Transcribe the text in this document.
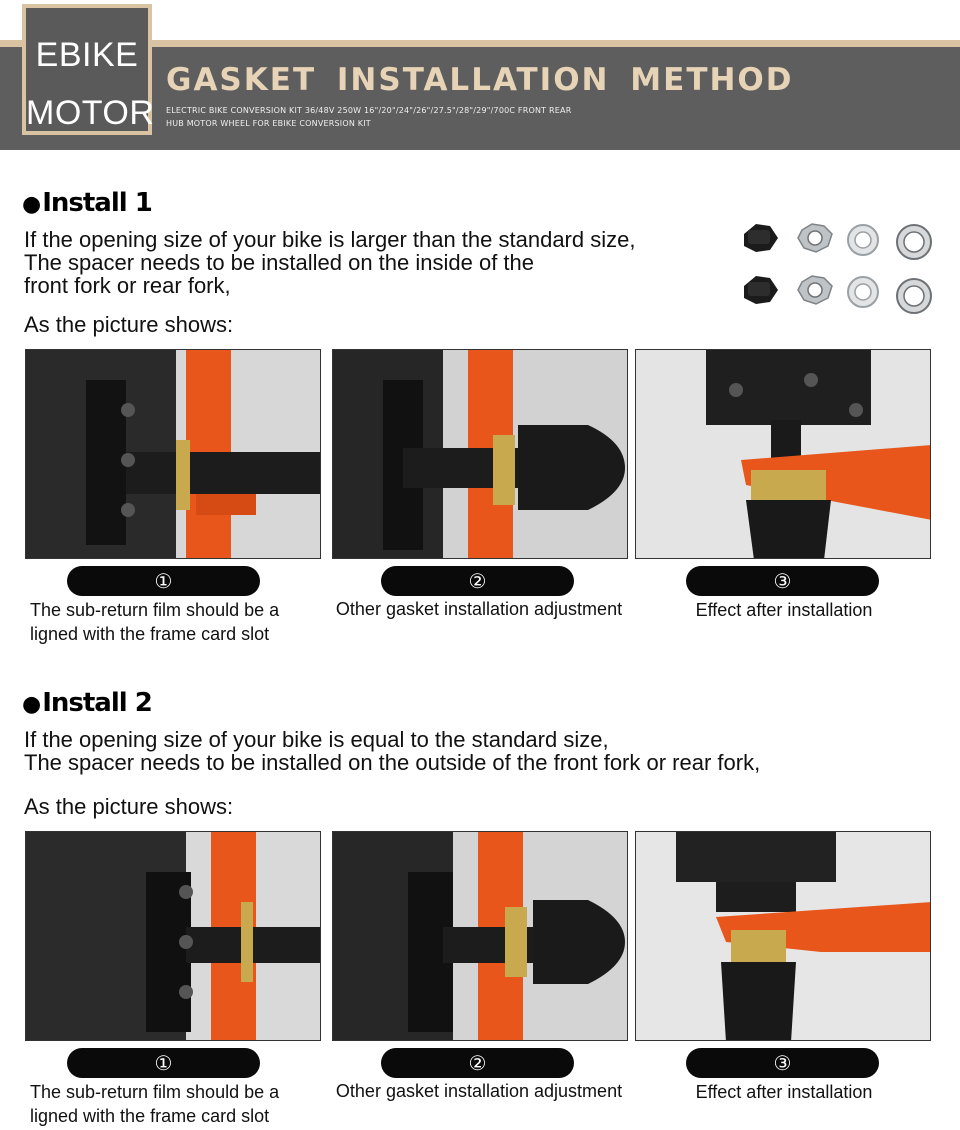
EBIKE
MOTOR
GASKET INSTALLATION METHOD
ELECTRIC BIKE CONVERSION KIT 36/48V 250W 16"/20"/24"/26"/27.5"/28"/29"/700C FRONT REAR
HUB MOTOR WHEEL FOR EBIKE CONVERSION KIT
●Install 1
If the opening size of your bike is larger than the standard size,
The spacer needs to be installed on the inside of the
front fork or rear fork,
As the picture shows:
①	②	③
The sub-return film should be a
ligned with the frame card slot
Other gasket installation adjustment	Effect after installation
●Install 2
If the opening size of your bike is equal to the standard size,
The spacer needs to be installed on the outside of the front fork or rear fork,
As the picture shows:
①	②	③
The sub-return film should be a
ligned with the frame card slot
Other gasket installation adjustment	Effect after installation
